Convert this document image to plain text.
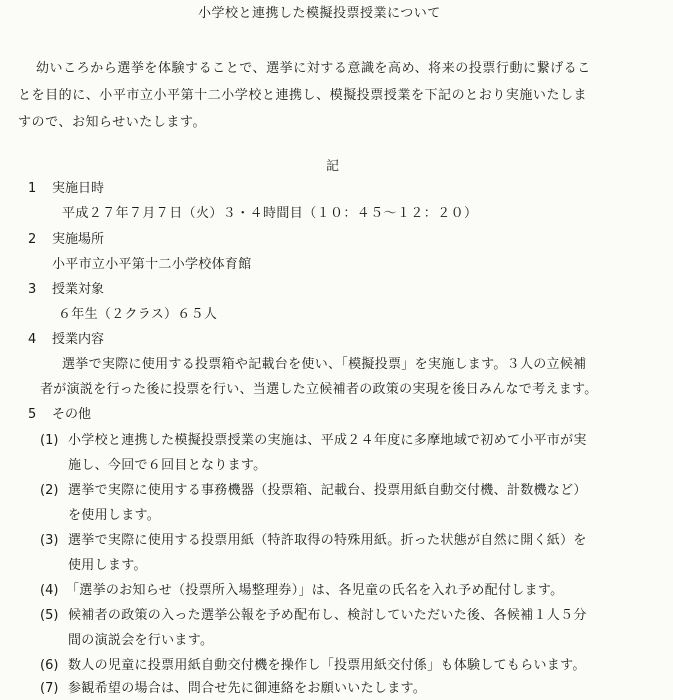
小学校と連携した模擬投票授業について
幼いころから選挙を体験することで、選挙に対する意識を高め、将来の投票行動に繋げるこ
とを目的に、小平市立小平第十二小学校と連携し、模擬投票授業を下記のとおり実施いたしま
すので、お知らせいたします。
記
1 実施日時
平成２７年７月７日（火）３・４時間目（１０：４５〜１２：２０）
2 実施場所
小平市立小平第十二小学校体育館
3 授業対象
６年生（２クラス）６５人
4 授業内容
選挙で実際に使用する投票箱や記載台を使い、「模擬投票」を実施します。３人の立候補
者が演説を行った後に投票を行い、当選した立候補者の政策の実現を後日みんなで考えます。
5 その他
(1) 小学校と連携した模擬投票授業の実施は、平成２４年度に多摩地域で初めて小平市が実
施し、今回で６回目となります。
(2) 選挙で実際に使用する事務機器（投票箱、記載台、投票用紙自動交付機、計数機など）
を使用します。
(3) 選挙で実際に使用する投票用紙（特許取得の特殊用紙。折った状態が自然に開く紙）を
使用します。
(4) 「選挙のお知らせ（投票所入場整理券）」は、各児童の氏名を入れ予め配付します。
(5) 候補者の政策の入った選挙公報を予め配布し、検討していただいた後、各候補１人５分
間の演説会を行います。
(6) 数人の児童に投票用紙自動交付機を操作し「投票用紙交付係」も体験してもらいます。
(7) 参観希望の場合は、問合せ先に御連絡をお願いいたします。
